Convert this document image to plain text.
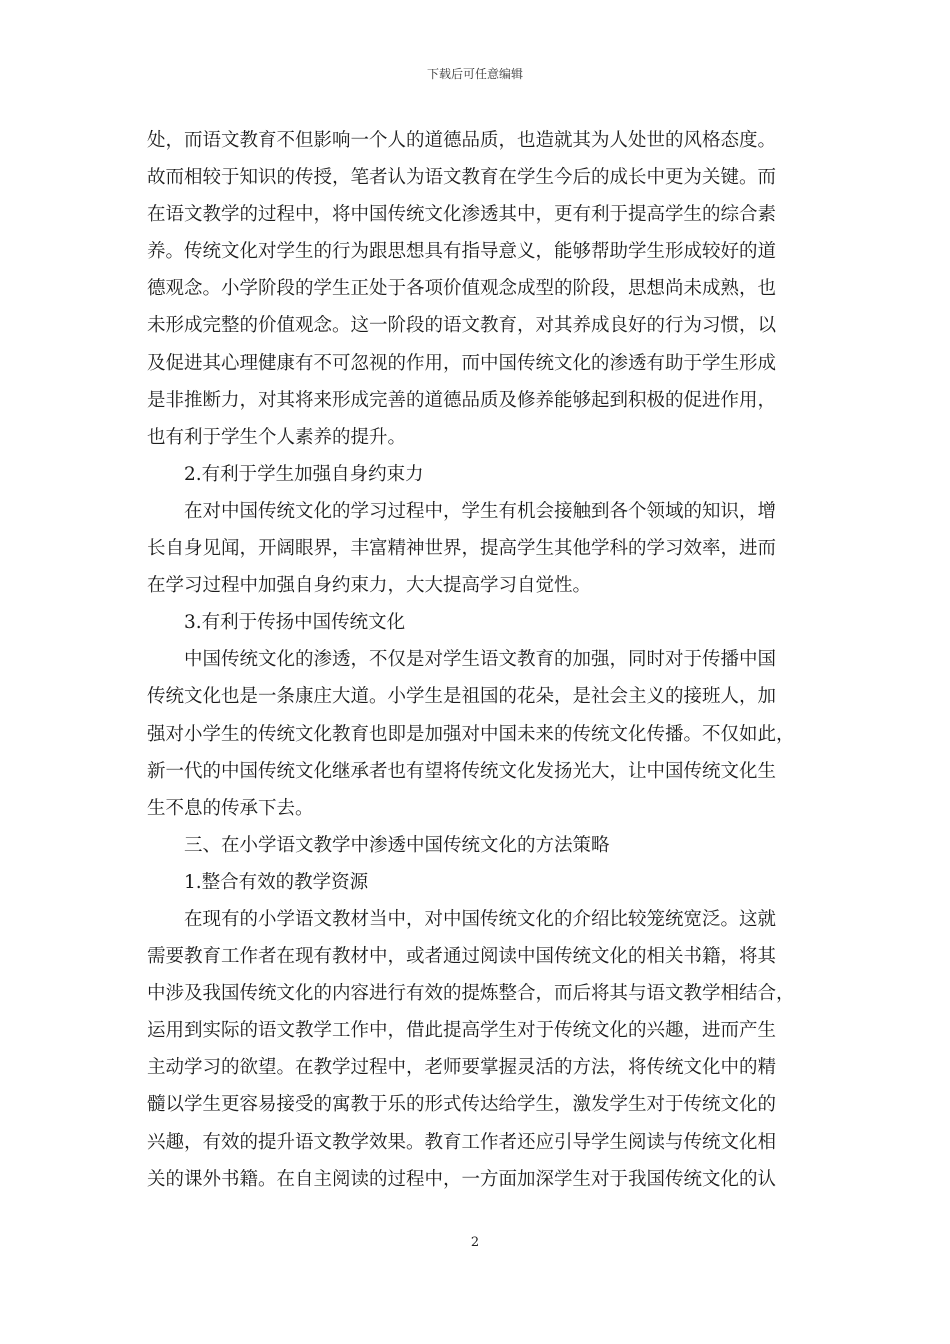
下载后可任意编辑
处，而语文教育不但影响一个人的道德品质，也造就其为人处世的风格态度。
故而相较于知识的传授，笔者认为语文教育在学生今后的成长中更为关键。而
在语文教学的过程中，将中国传统文化渗透其中，更有利于提高学生的综合素
养。传统文化对学生的行为跟思想具有指导意义，能够帮助学生形成较好的道
德观念。小学阶段的学生正处于各项价值观念成型的阶段，思想尚未成熟，也
未形成完整的价值观念。这一阶段的语文教育，对其养成良好的行为习惯，以
及促进其心理健康有不可忽视的作用，而中国传统文化的渗透有助于学生形成
是非推断力，对其将来形成完善的道德品质及修养能够起到积极的促进作用，
也有利于学生个人素养的提升。
2.有利于学生加强自身约束力
在对中国传统文化的学习过程中，学生有机会接触到各个领域的知识，增
长自身见闻，开阔眼界，丰富精神世界，提高学生其他学科的学习效率，进而
在学习过程中加强自身约束力，大大提高学习自觉性。
3.有利于传扬中国传统文化
中国传统文化的渗透，不仅是对学生语文教育的加强，同时对于传播中国
传统文化也是一条康庄大道。小学生是祖国的花朵，是社会主义的接班人，加
强对小学生的传统文化教育也即是加强对中国未来的传统文化传播。不仅如此，
新一代的中国传统文化继承者也有望将传统文化发扬光大，让中国传统文化生
生不息的传承下去。
三、在小学语文教学中渗透中国传统文化的方法策略
1.整合有效的教学资源
在现有的小学语文教材当中，对中国传统文化的介绍比较笼统宽泛。这就
需要教育工作者在现有教材中，或者通过阅读中国传统文化的相关书籍，将其
中涉及我国传统文化的内容进行有效的提炼整合，而后将其与语文教学相结合，
运用到实际的语文教学工作中，借此提高学生对于传统文化的兴趣，进而产生
主动学习的欲望。在教学过程中，老师要掌握灵活的方法，将传统文化中的精
髓以学生更容易接受的寓教于乐的形式传达给学生，激发学生对于传统文化的
兴趣，有效的提升语文教学效果。教育工作者还应引导学生阅读与传统文化相
关的课外书籍。在自主阅读的过程中，一方面加深学生对于我国传统文化的认
2
